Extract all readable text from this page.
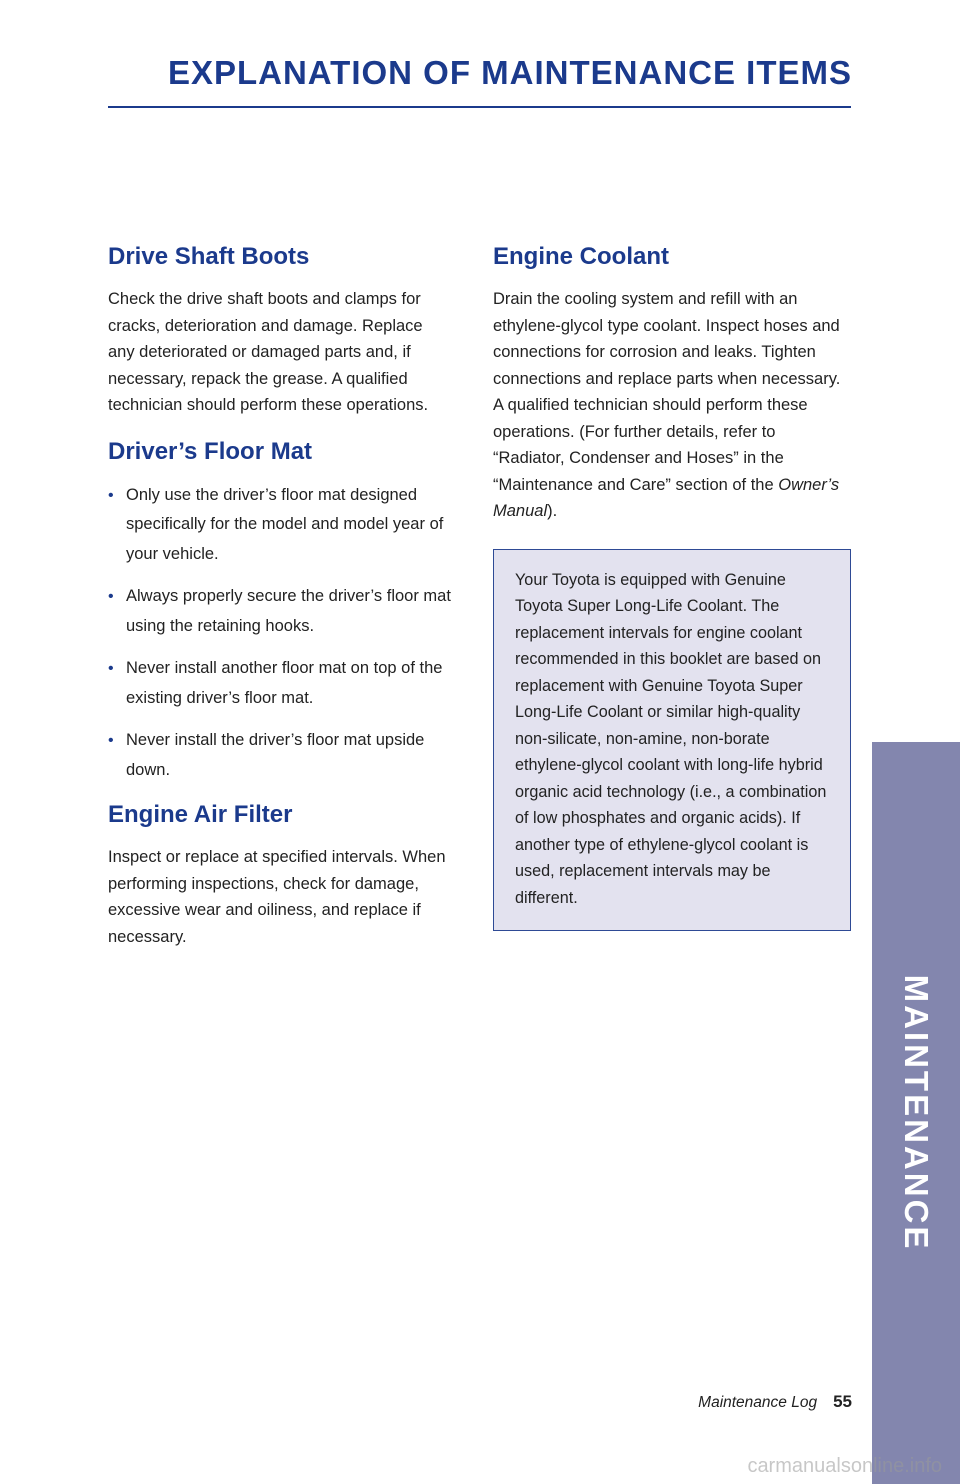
EXPLANATION OF MAINTENANCE ITEMS
Drive Shaft Boots

Check the drive shaft boots and clamps for cracks, deterioration and damage. Replace any deteriorated or damaged parts and, if necessary, repack the grease. A qualified technician should perform these operations.

Driver’s Floor Mat
• Only use the driver’s floor mat designed specifically for the model and model year of your vehicle.
• Always properly secure the driver’s floor mat using the retaining hooks.
• Never install another floor mat on top of the existing driver’s floor mat.
• Never install the driver’s floor mat upside down.
Engine Air Filter

Inspect or replace at specified intervals. When performing inspections, check for damage, excessive wear and oiliness, and replace if necessary.

Engine Coolant

Drain the cooling system and refill with an ethylene-glycol type coolant. Inspect hoses and connections for corrosion and leaks. Tighten connections and replace parts when necessary. A qualified technician should perform these operations. (For further details, refer to “Radiator, Condenser and Hoses” in the “Maintenance and Care” section of the Owner’s Manual).

Your Toyota is equipped with Genuine Toyota Super Long-Life Coolant. The replacement intervals for engine coolant recommended in this booklet are based on replacement with Genuine Toyota Super Long-Life Coolant or similar high-quality non-silicate, non-amine, non-borate ethylene-glycol coolant with long-life hybrid organic acid technology (i.e., a combination of low phosphates and organic acids). If another type of ethylene-glycol coolant is used, replacement intervals may be different.

MAINTENANCE
Maintenance Log 55
carmanualsonline.info
